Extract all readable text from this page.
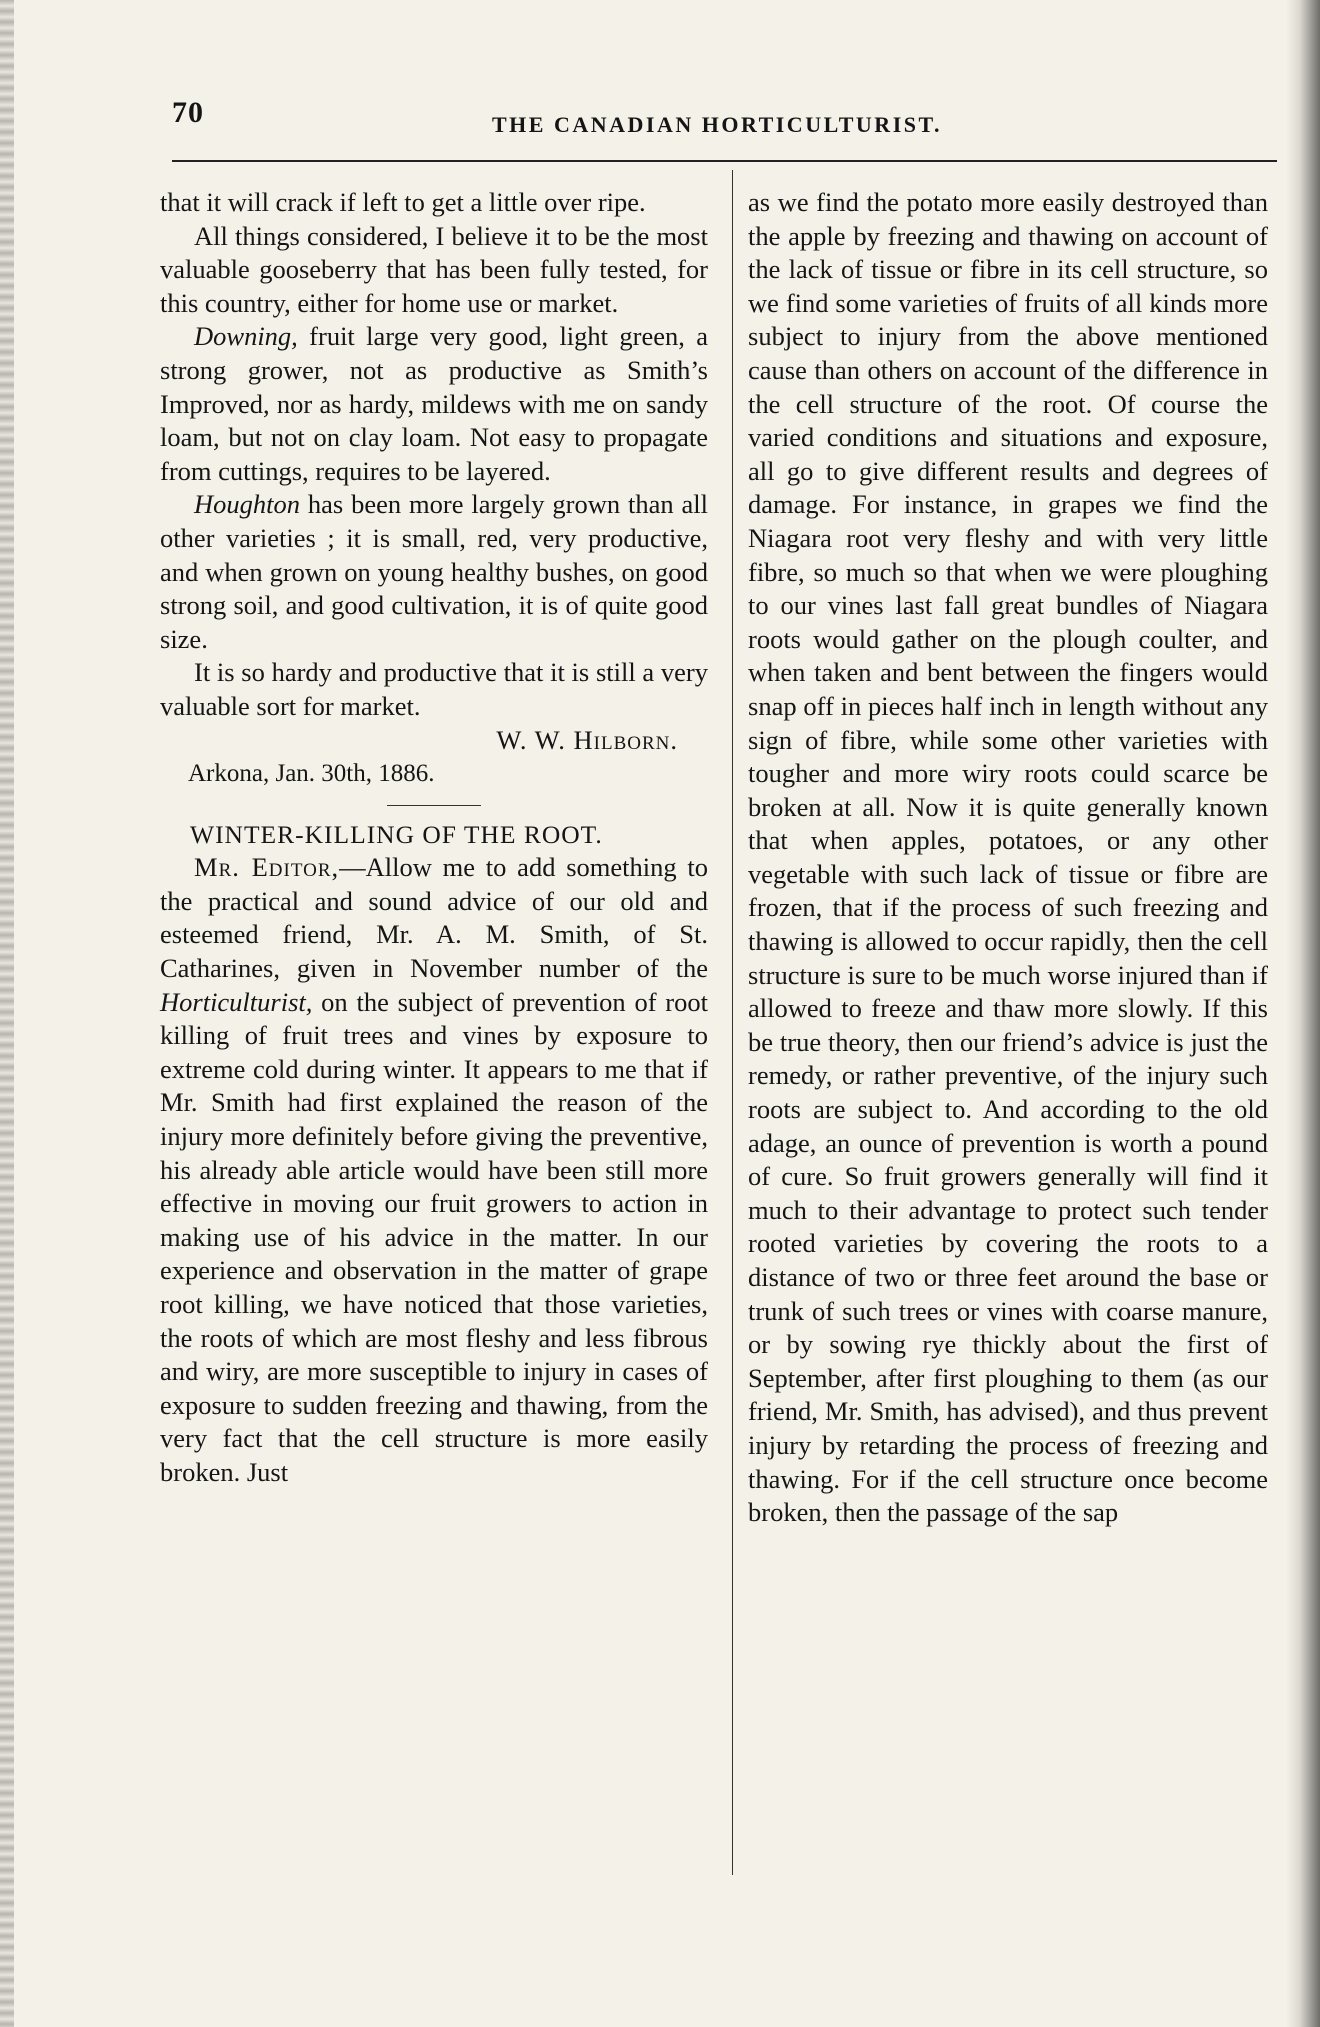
70	THE CANADIAN HORTICULTURIST.

that it will crack if left to get a little over ripe.

All things considered, I believe it to be the most valuable gooseberry that has been fully tested, for this country, either for home use or market.

Downing, fruit large very good, light green, a strong grower, not as productive as Smith’s Improved, nor as hardy, mildews with me on sandy loam, but not on clay loam. Not easy to propagate from cuttings, requires to be layered.

Houghton has been more largely grown than all other varieties ; it is small, red, very productive, and when grown on young healthy bushes, on good strong soil, and good cultivation, it is of quite good size.

It is so hardy and productive that it is still a very valuable sort for market.

W. W. Hilborn.

Arkona, Jan. 30th, 1886.

WINTER-KILLING OF THE ROOT.

Mr. Editor,—Allow me to add something to the practical and sound advice of our old and esteemed friend, Mr. A. M. Smith, of St. Catharines, given in November number of the Horticulturist, on the subject of prevention of root killing of fruit trees and vines by exposure to extreme cold during winter. It appears to me that if Mr. Smith had first explained the reason of the injury more definitely before giving the preventive, his already able article would have been still more effective in moving our fruit growers to action in making use of his advice in the matter. In our experience and observation in the matter of grape root killing, we have noticed that those varieties, the roots of which are most fleshy and less fibrous and wiry, are more susceptible to injury in cases of exposure to sudden freezing and thawing, from the very fact that the cell structure is more easily broken. Just

as we find the potato more easily destroyed than the apple by freezing and thawing on account of the lack of tissue or fibre in its cell structure, so we find some varieties of fruits of all kinds more subject to injury from the above mentioned cause than others on account of the difference in the cell structure of the root. Of course the varied conditions and situations and exposure, all go to give different results and degrees of damage. For instance, in grapes we find the Niagara root very fleshy and with very little fibre, so much so that when we were ploughing to our vines last fall great bundles of Niagara roots would gather on the plough coulter, and when taken and bent between the fingers would snap off in pieces half inch in length without any sign of fibre, while some other varieties with tougher and more wiry roots could scarce be broken at all. Now it is quite generally known that when apples, potatoes, or any other vegetable with such lack of tissue or fibre are frozen, that if the process of such freezing and thawing is allowed to occur rapidly, then the cell structure is sure to be much worse injured than if allowed to freeze and thaw more slowly. If this be true theory, then our friend’s advice is just the remedy, or rather preventive, of the injury such roots are subject to. And according to the old adage, an ounce of prevention is worth a pound of cure. So fruit growers generally will find it much to their advantage to protect such tender rooted varieties by covering the roots to a distance of two or three feet around the base or trunk of such trees or vines with coarse manure, or by sowing rye thickly about the first of September, after first ploughing to them (as our friend, Mr. Smith, has advised), and thus prevent injury by retarding the process of freezing and thawing. For if the cell structure once become broken, then the passage of the sap
